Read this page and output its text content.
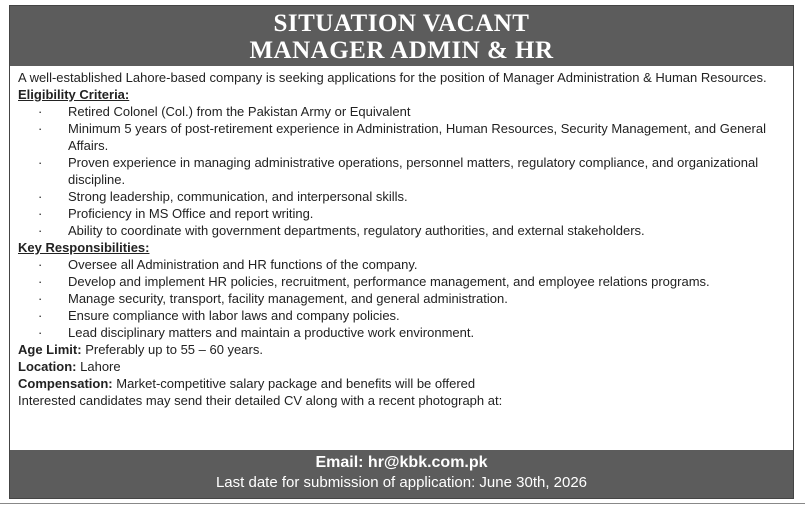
SITUATION VACANT
MANAGER ADMIN & HR

A well-established Lahore-based company is seeking applications for the position of Manager Administration & Human Resources.

Eligibility Criteria:

· Retired Colonel (Col.) from the Pakistan Army or Equivalent
· Minimum 5 years of post-retirement experience in Administration, Human Resources, Security Management, and General Affairs.
· Proven experience in managing administrative operations, personnel matters, regulatory compliance, and organizational discipline.
· Strong leadership, communication, and interpersonal skills.
· Proficiency in MS Office and report writing.
· Ability to coordinate with government departments, regulatory authorities, and external stakeholders.

Key Responsibilities:

· Oversee all Administration and HR functions of the company.
· Develop and implement HR policies, recruitment, performance management, and employee relations programs.
· Manage security, transport, facility management, and general administration.
· Ensure compliance with labor laws and company policies.
· Lead disciplinary matters and maintain a productive work environment.
Age Limit: Preferably up to 55 – 60 years.
Location: Lahore
Compensation: Market-competitive salary package and benefits will be offered
Interested candidates may send their detailed CV along with a recent photograph at:
Email: hr@kbk.com.pk
Last date for submission of application: June 30th, 2026
